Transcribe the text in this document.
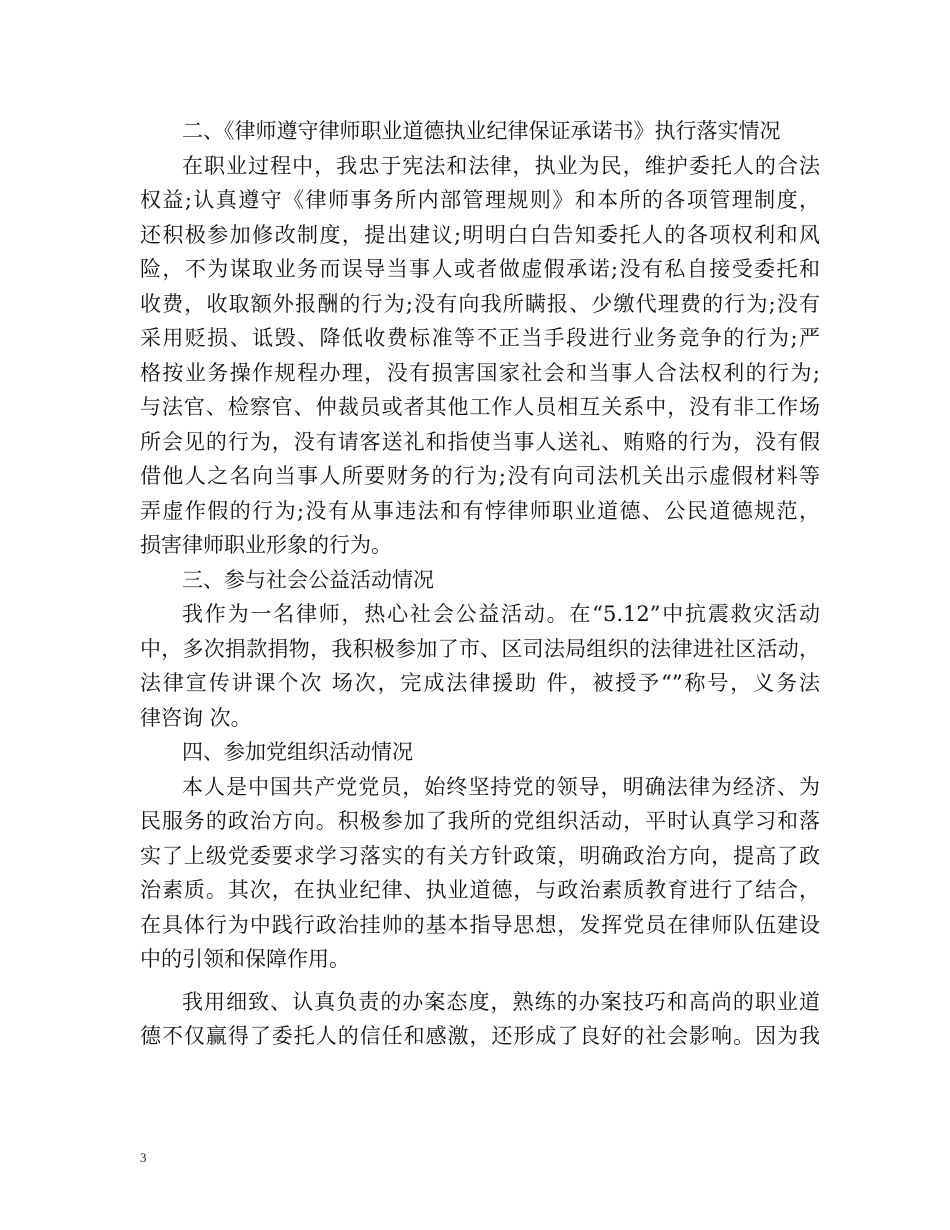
二、《律师遵守律师职业道德执业纪律保证承诺书》执行落实情况
在职业过程中，我忠于宪法和法律，执业为民，维护委托人的合法
权益;认真遵守《律师事务所内部管理规则》和本所的各项管理制度，
还积极参加修改制度，提出建议;明明白白告知委托人的各项权利和风
险，不为谋取业务而误导当事人或者做虚假承诺;没有私自接受委托和
收费，收取额外报酬的行为;没有向我所瞒报、少缴代理费的行为;没有
采用贬损、诋毁、降低收费标准等不正当手段进行业务竞争的行为;严
格按业务操作规程办理，没有损害国家社会和当事人合法权利的行为;
与法官、检察官、仲裁员或者其他工作人员相互关系中，没有非工作场
所会见的行为，没有请客送礼和指使当事人送礼、贿赂的行为，没有假
借他人之名向当事人所要财务的行为;没有向司法机关出示虚假材料等
弄虚作假的行为;没有从事违法和有悖律师职业道德、公民道德规范，
损害律师职业形象的行为。
三、参与社会公益活动情况
我作为一名律师，热心社会公益活动。在“5.12”中抗震救灾活动
中，多次捐款捐物，我积极参加了市、区司法局组织的法律进社区活动，
法律宣传讲课个次 场次，完成法律援助 件，被授予“”称号，义务法
律咨询 次。
四、参加党组织活动情况
本人是中国共产党党员，始终坚持党的领导，明确法律为经济、为
民服务的政治方向。积极参加了我所的党组织活动，平时认真学习和落
实了上级党委要求学习落实的有关方针政策，明确政治方向，提高了政
治素质。其次，在执业纪律、执业道德，与政治素质教育进行了结合，
在具体行为中践行政治挂帅的基本指导思想，发挥党员在律师队伍建设
中的引领和保障作用。
我用细致、认真负责的办案态度，熟练的办案技巧和高尚的职业道
德不仅赢得了委托人的信任和感激，还形成了良好的社会影响。因为我
3
